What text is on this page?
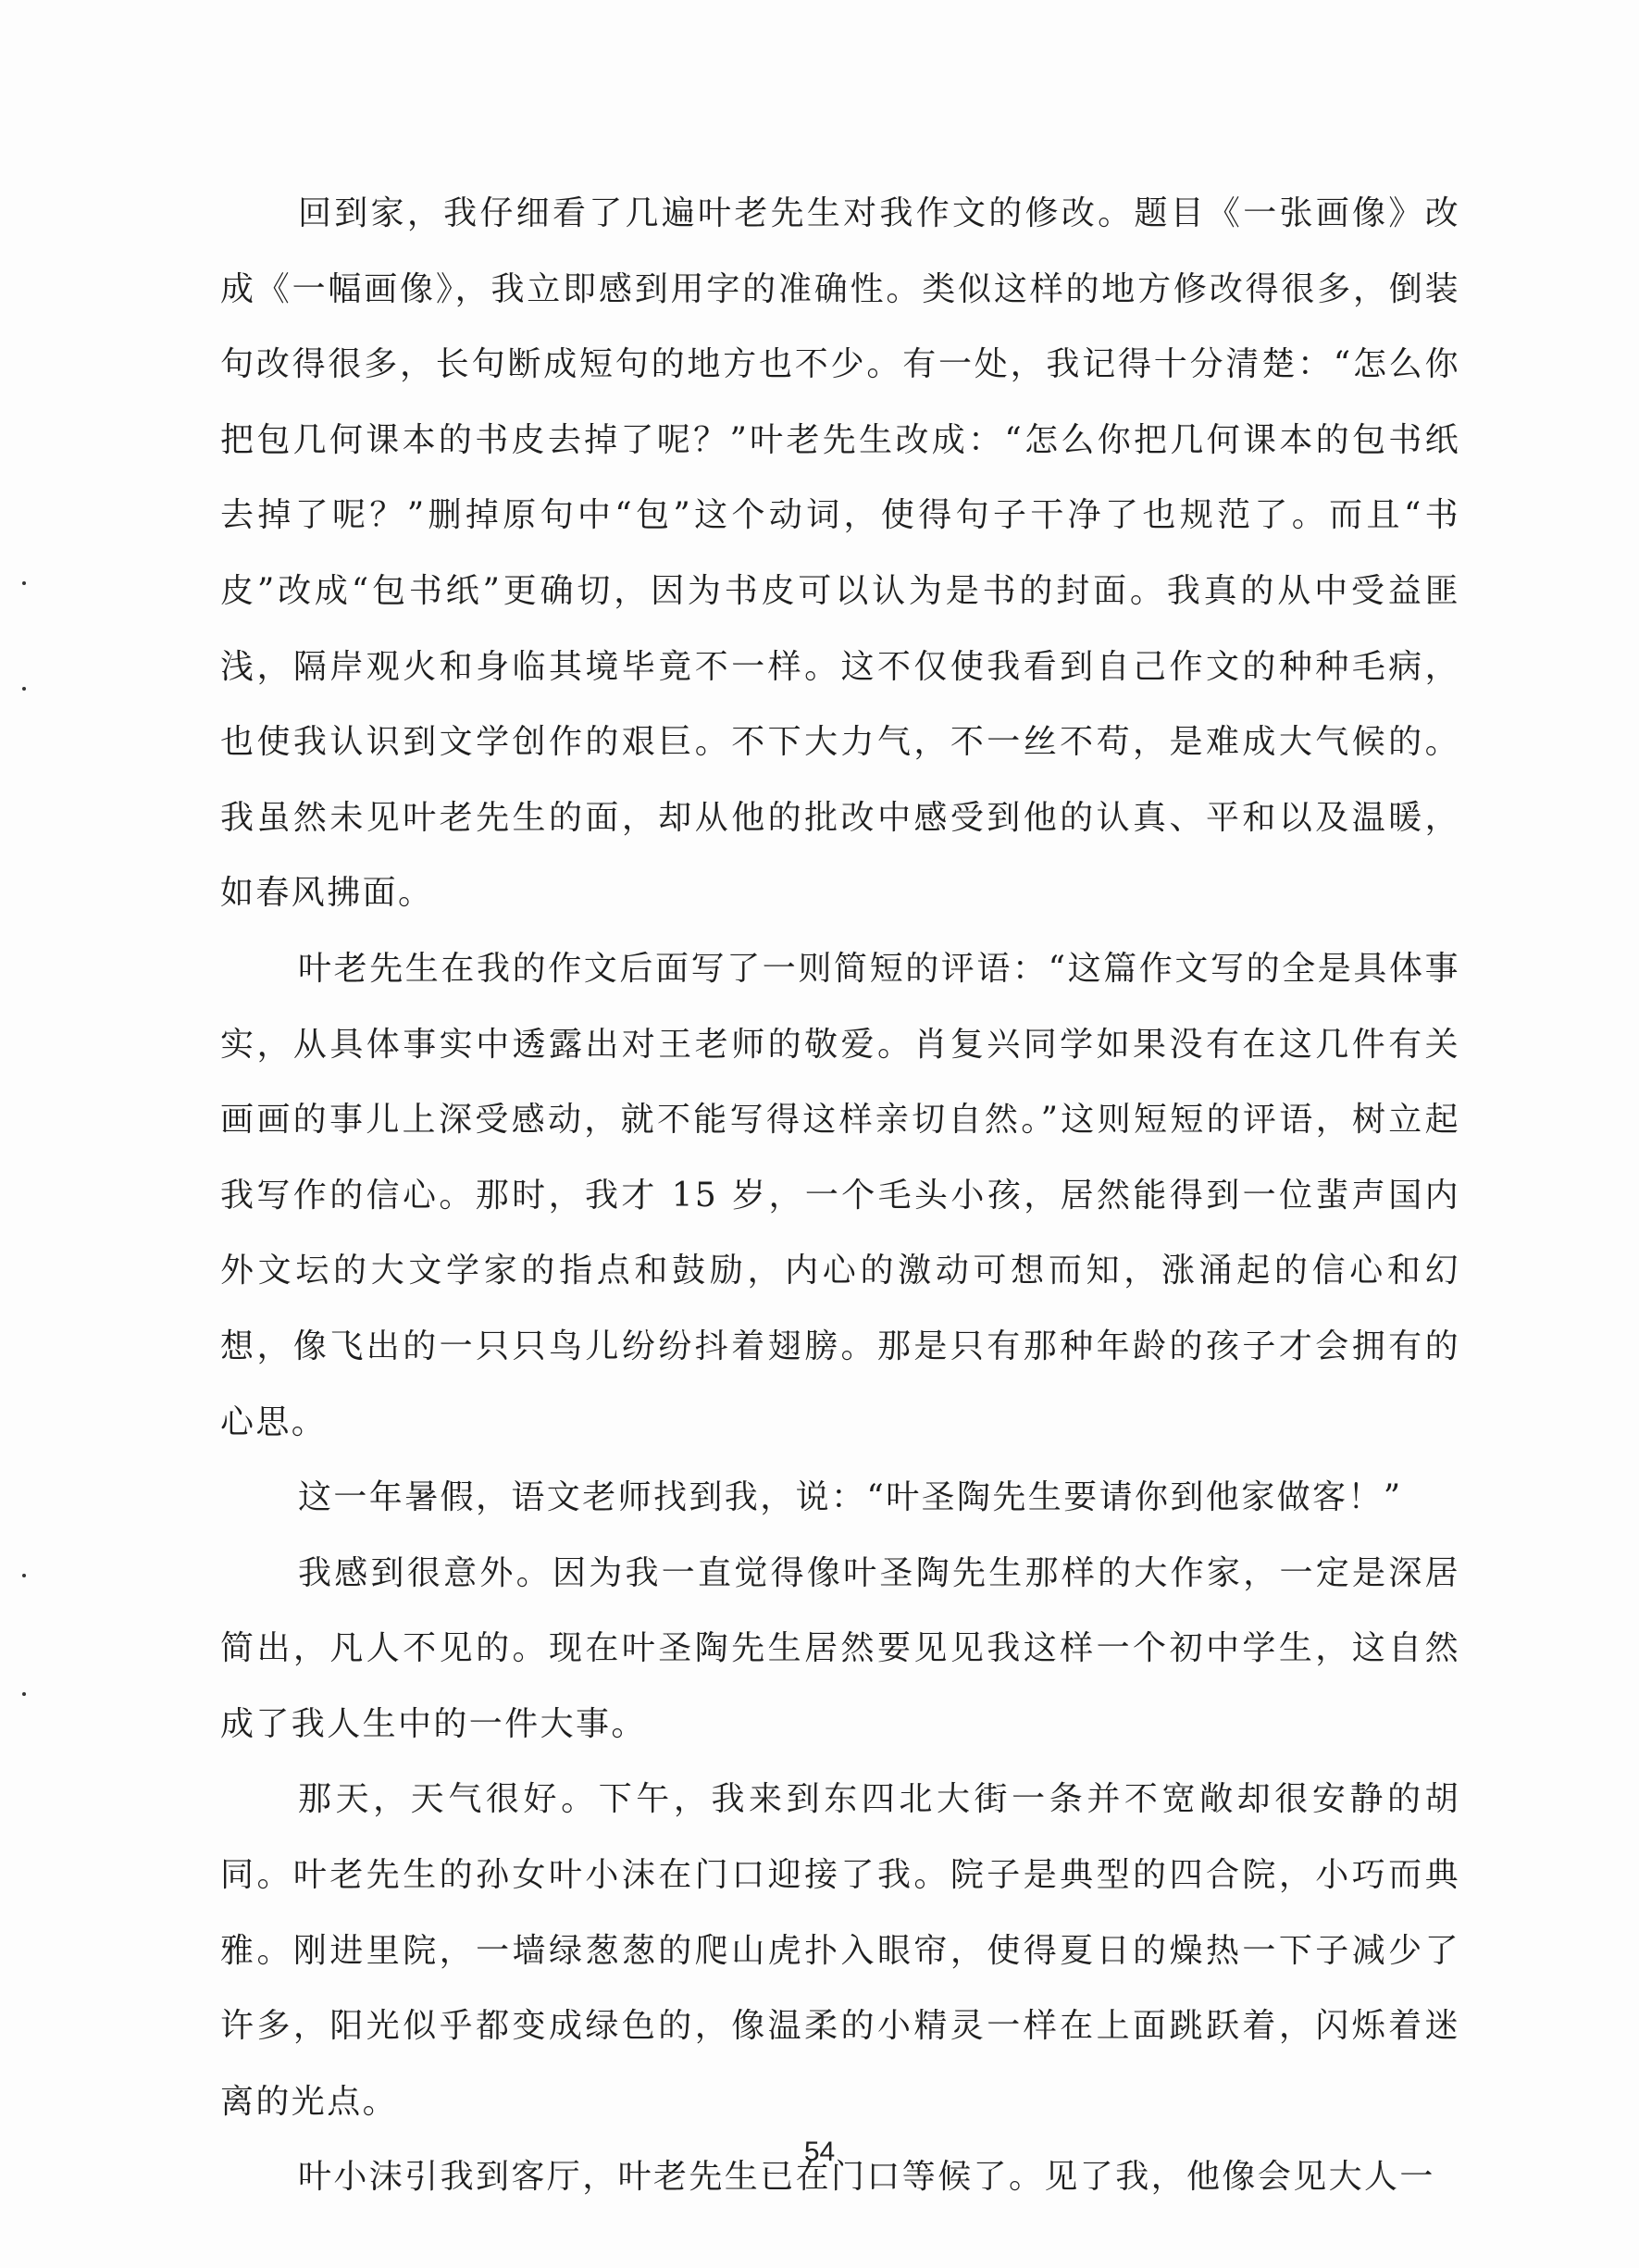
回到家，我仔细看了几遍叶老先生对我作文的修改。题目《一张画像》改成《一幅画像》，我立即感到用字的准确性。类似这样的地方修改得很多，倒装句改得很多，长句断成短句的地方也不少。有一处，我记得十分清楚：“怎么你把包几何课本的书皮去掉了呢？”叶老先生改成：“怎么你把几何课本的包书纸去掉了呢？”删掉原句中“包”这个动词，使得句子干净了也规范了。而且“书皮”改成“包书纸”更确切，因为书皮可以认为是书的封面。我真的从中受益匪浅，隔岸观火和身临其境毕竟不一样。这不仅使我看到自己作文的种种毛病，也使我认识到文学创作的艰巨。不下大力气，不一丝不苟，是难成大气候的。我虽然未见叶老先生的面，却从他的批改中感受到他的认真、平和以及温暖，如春风拂面。

叶老先生在我的作文后面写了一则简短的评语：“这篇作文写的全是具体事实，从具体事实中透露出对王老师的敬爱。肖复兴同学如果没有在这几件有关画画的事儿上深受感动，就不能写得这样亲切自然。”这则短短的评语，树立起我写作的信心。那时，我才 15 岁，一个毛头小孩，居然能得到一位蜚声国内外文坛的大文学家的指点和鼓励，内心的激动可想而知，涨涌起的信心和幻想，像飞出的一只只鸟儿纷纷抖着翅膀。那是只有那种年龄的孩子才会拥有的心思。

这一年暑假，语文老师找到我，说：“叶圣陶先生要请你到他家做客！”

我感到很意外。因为我一直觉得像叶圣陶先生那样的大作家，一定是深居简出，凡人不见的。现在叶圣陶先生居然要见见我这样一个初中学生，这自然成了我人生中的一件大事。

那天，天气很好。下午，我来到东四北大街一条并不宽敞却很安静的胡同。叶老先生的孙女叶小沫在门口迎接了我。院子是典型的四合院，小巧而典雅。刚进里院，一墙绿葱葱的爬山虎扑入眼帘，使得夏日的燥热一下子减少了许多，阳光似乎都变成绿色的，像温柔的小精灵一样在上面跳跃着，闪烁着迷离的光点。

叶小沫引我到客厅，叶老先生已在门口等候了。见了我，他像会见大人一

54
